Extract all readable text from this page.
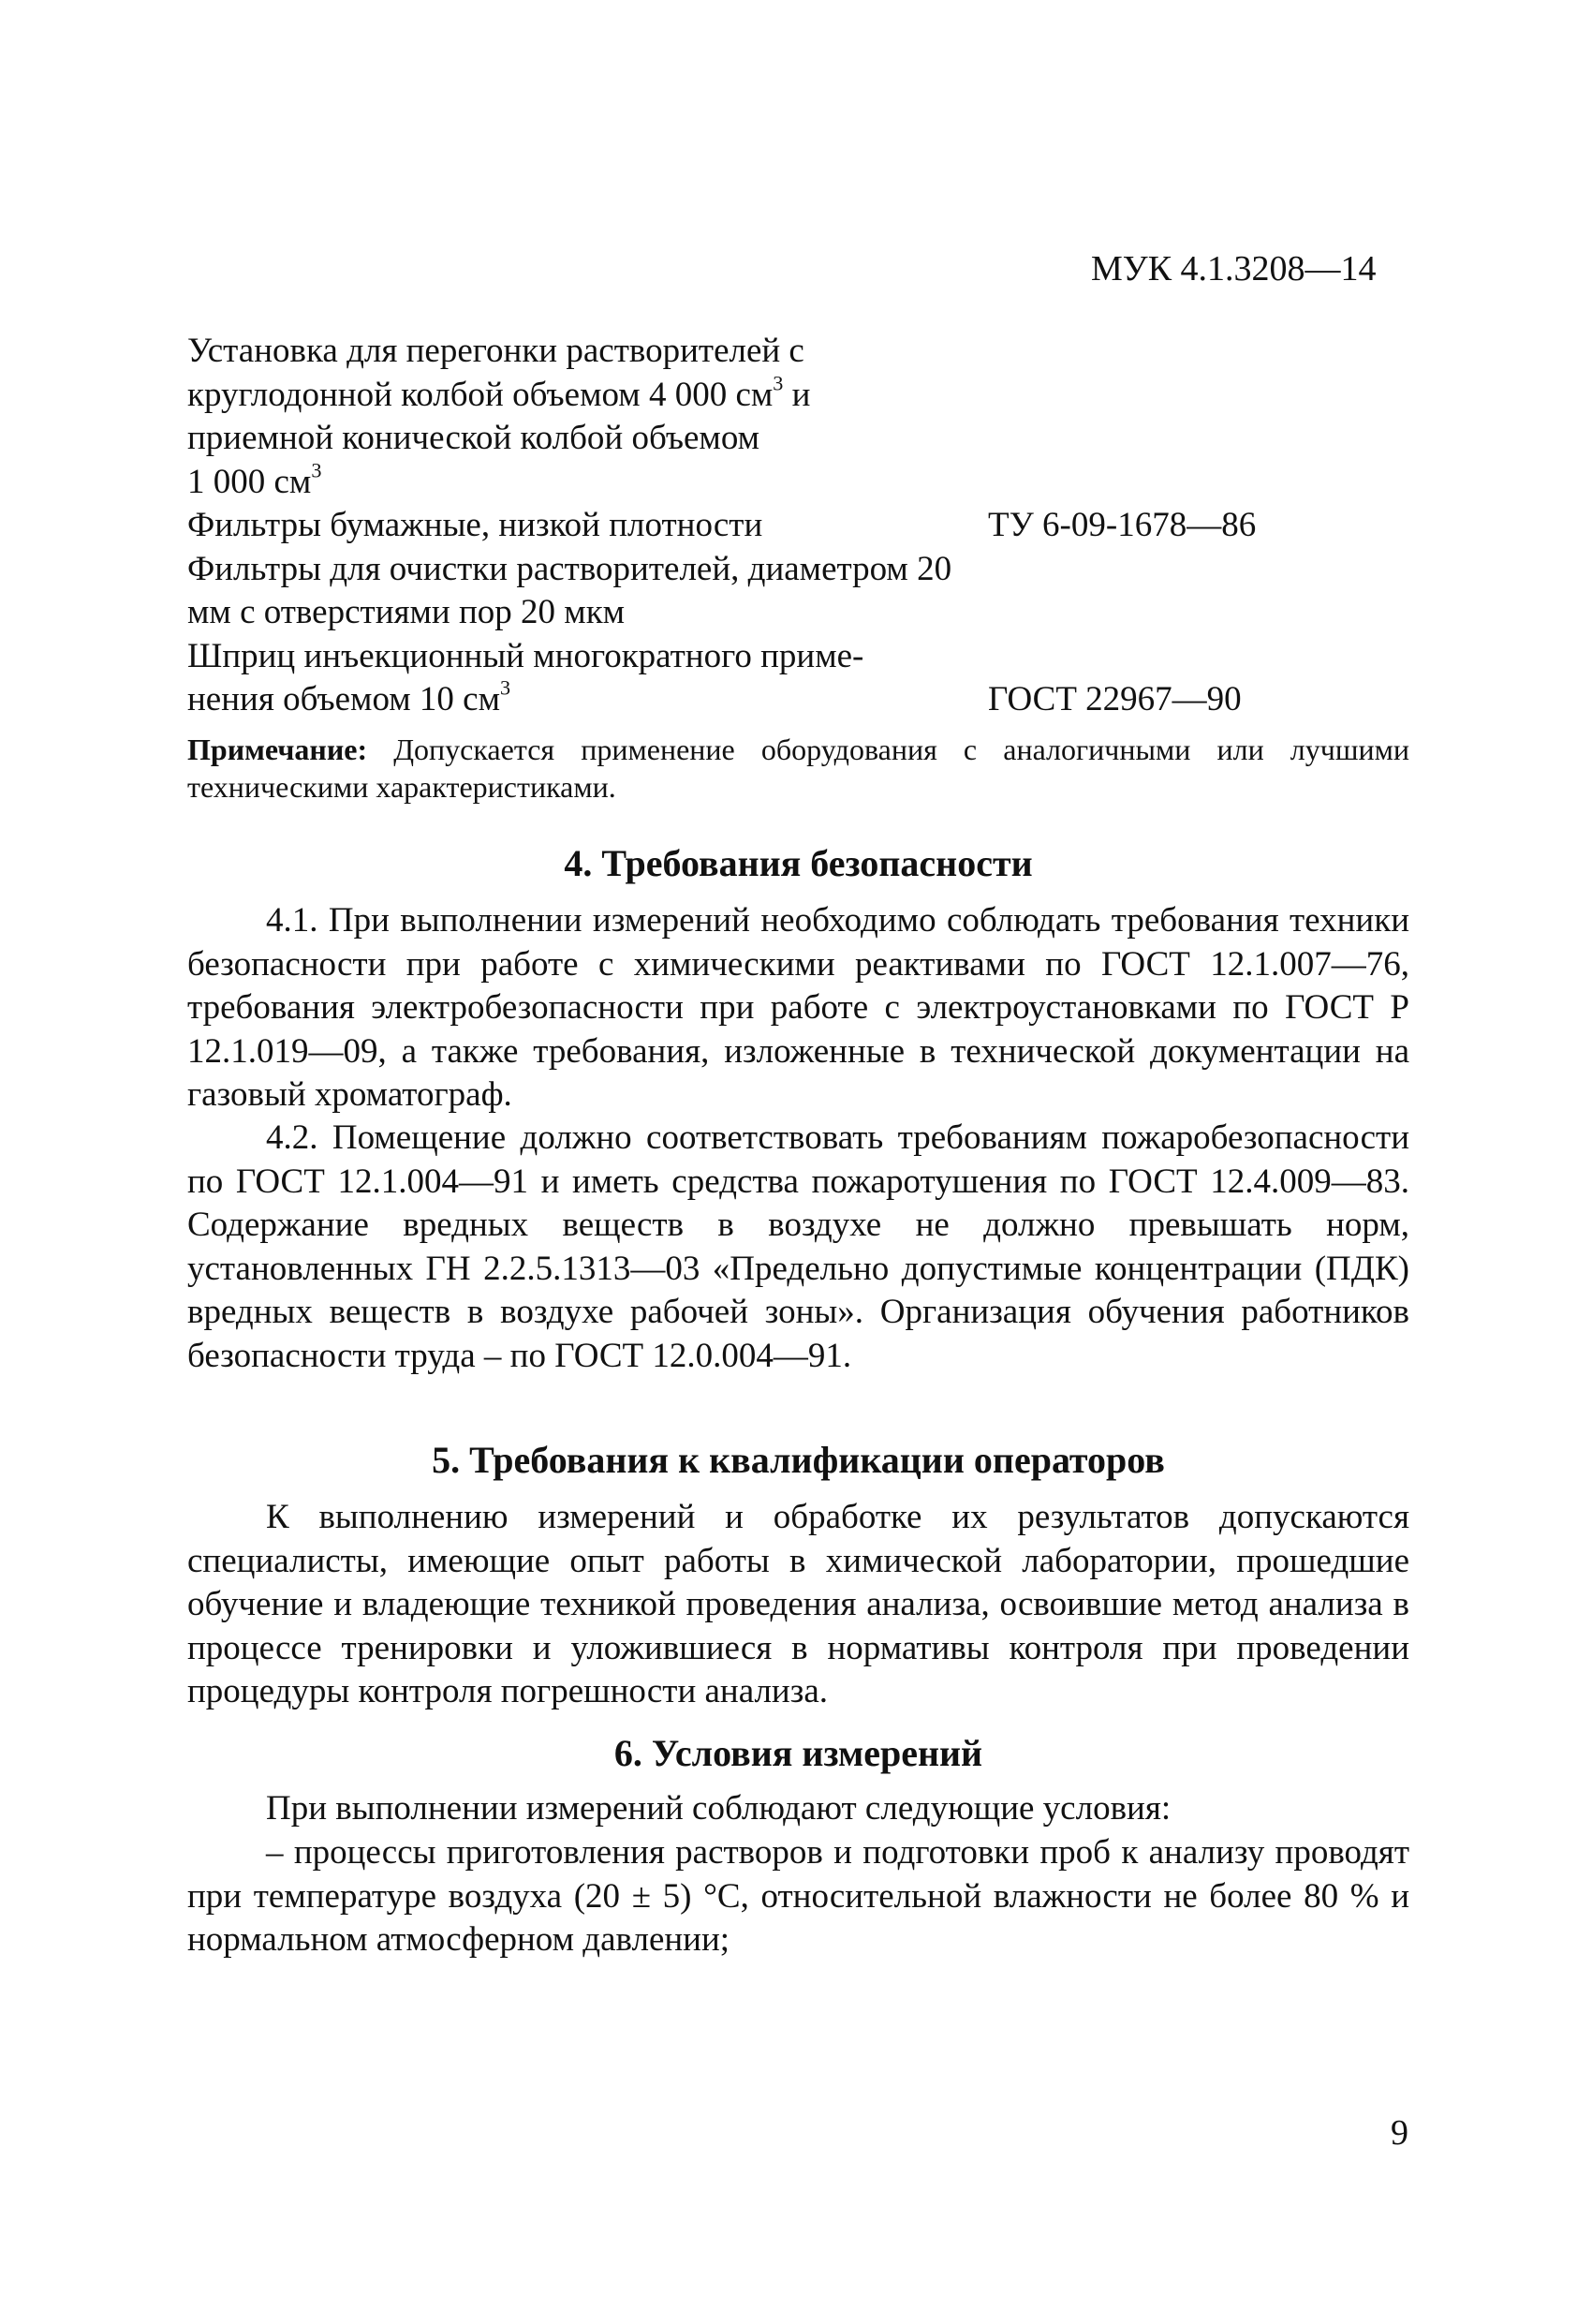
МУК 4.1.3208—14
Установка для перегонки растворителей с
круглодонной колбой объемом 4 000 $см^3$ и
приемной конической колбой объемом
1 000 $см^3$
Фильтры бумажные, низкой плотности	ТУ 6-09-1678—86
Фильтры для очистки растворителей, диаметром 20 мм с отверстиями пор 20 мкм
Шприц инъекционный многократного приме-
нения объемом 10 $см^3$	ГОСТ 22967—90
Примечание: Допускается применение оборудования с аналогичными или лучшими техническими характеристиками.
4. Требования безопасности

4.1. При выполнении измерений необходимо соблюдать требования техники безопасности при работе с химическими реактивами по ГОСТ 12.1.007—76, требования электробезопасности при работе с электроустановками по ГОСТ Р 12.1.019—09, а также требования, изложенные в технической документации на газовый хроматограф.

4.2. Помещение должно соответствовать требованиям пожаробезопасности по ГОСТ 12.1.004—91 и иметь средства пожаротушения по ГОСТ 12.4.009—83. Содержание вредных веществ в воздухе не должно превышать норм, установленных ГН 2.2.5.1313—03 «Предельно допустимые концентрации (ПДК) вредных веществ в воздухе рабочей зоны». Организация обучения работников безопасности труда – по ГОСТ 12.0.004—91.

5. Требования к квалификации операторов

К выполнению измерений и обработке их результатов допускаются специалисты, имеющие опыт работы в химической лаборатории, прошедшие обучение и владеющие техникой проведения анализа, освоившие метод анализа в процессе тренировки и уложившиеся в нормативы контроля при проведении процедуры контроля погрешности анализа.

6. Условия измерений

При выполнении измерений соблюдают следующие условия:

– процессы приготовления растворов и подготовки проб к анализу проводят при температуре воздуха (20 ± 5) °С, относительной влажности не более 80 % и нормальном атмосферном давлении;

9
